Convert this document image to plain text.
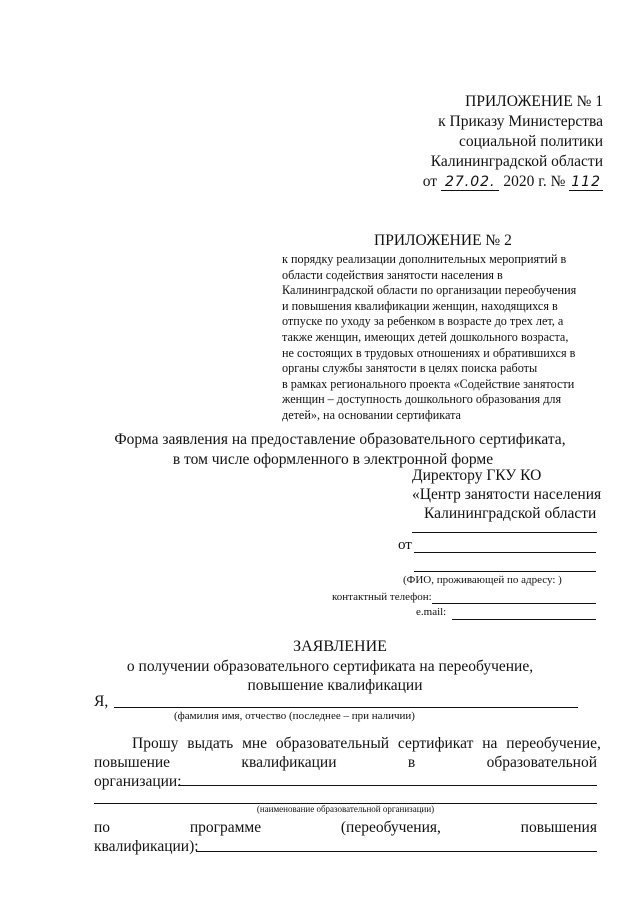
ПРИЛОЖЕНИЕ № 1
к Приказу Министерства
социальной политики
Калининградской области
от 27.02. 2020 г. № 112
ПРИЛОЖЕНИЕ № 2
к порядку реализации дополнительных мероприятий в
области содействия занятости населения в
Калининградской области по организации переобучения
и повышения квалификации женщин, находящихся в
отпуске по уходу за ребенком в возрасте до трех лет, а
также женщин, имеющих детей дошкольного возраста,
не состоящих в трудовых отношениях и обратившихся в
органы службы занятости в целях поиска работы
в рамках регионального проекта «Содействие занятости
женщин – доступность дошкольного образования для
детей», на основании сертификата
Форма заявления на предоставление образовательного сертификата,
в том числе оформленного в электронной форме
Директору ГКУ КО
«Центр занятости населения
Калининградской области
от
(ФИО, проживающей по адресу: )
контактный телефон:
e.mail:
ЗАЯВЛЕНИЕ
о получении образовательного сертификата на переобучение,
повышение квалификации
Я,
(фамилия имя, отчество (последнее – при наличии)
Прошу выдать мне образовательный сертификат на переобучение,
повышение	квалификации	в	образовательной
организации:
(наименование образовательной организации)
по	программе	(переобучения,	повышения
квалификации):
